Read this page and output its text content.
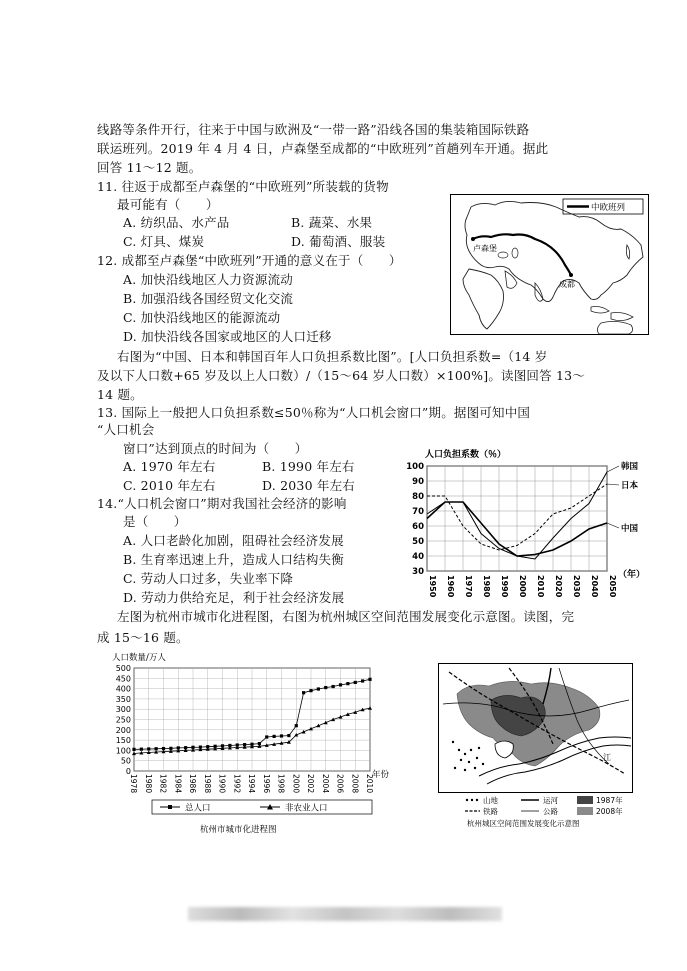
线路等条件开行，往来于中国与欧洲及“一带一路”沿线各国的集装箱国际铁路
联运班列。2019 年 4 月 4 日，卢森堡至成都的“中欧班列”首趟列车开通。据此
回答 11～12 题。
11. 往返于成都至卢森堡的“中欧班列”所装载的货物
最可能有（　　）
A. 纺织品、水产品	B. 蔬菜、水果
C. 灯具、煤炭	D. 葡萄酒、服装
12. 成都至卢森堡“中欧班列”开通的意义在于（　　）
A. 加快沿线地区人力资源流动
B. 加强沿线各国经贸文化交流
C. 加快沿线地区的能源流动
D. 加快沿线各国家或地区的人口迁移
中欧班列
卢森堡
成都
右图为“中国、日本和韩国百年人口负担系数比图”。[人口负担系数=（14 岁
及以下人口数+65 岁及以上人口数）/（15～64 岁人口数）×100%]。读图回答 13～
14 题。
13. 国际上一般把人口负担系数≤50％称为“人口机会窗口”期。据图可知中国
“人口机会
窗口”达到顶点的时间为（　　）
A. 1970 年左右	B. 1990 年左右
C. 2010 年左右	D. 2030 年左右
14.“人口机会窗口”期对我国社会经济的影响
是（　　）
A. 人口老龄化加剧，阻碍社会经济发展
B. 生育率迅速上升，造成人口结构失衡
C. 劳动人口过多，失业率下降
D. 劳动力供给充足，利于社会经济发展
人口负担系数（％）
30
40
50
60
70
80
90
100
1950 1960 1970 1980 1990 2000 2010 2020 2030 2040 2050
韩国
日本
中国
（年）
左图为杭州市城市化进程图，右图为杭州城区空间范围发展变化示意图。读图，完
成 15～16 题。
人口数量/万人
0
50
100
150
200
250
300
350
400
450
500
1978 1980 1982 1984 1986 1988 1990 1992 1994 1996 1998 2000 2002 2004 2006 2008 2010
年份
总人口	非农业人口
杭州市城市化进程图
江
山地	运河	1987年
铁路	公路	2008年
杭州城区空间范围发展变化示意图
